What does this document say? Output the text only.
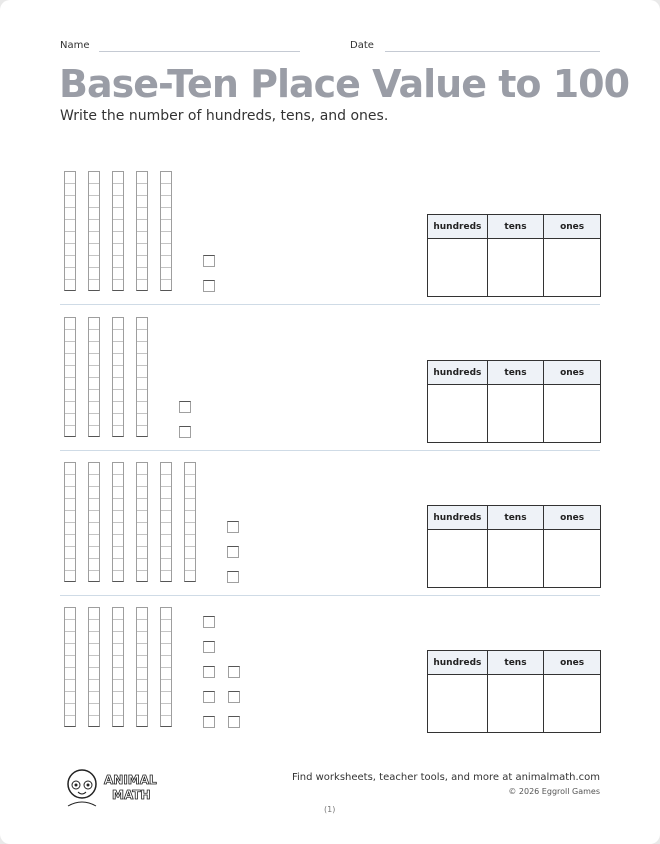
Name	Date
Base-Ten Place Value to 100
Write the number of hundreds, tens, and ones.
hundreds	tens	ones

hundreds	tens	ones

hundreds	tens	ones

hundreds	tens	ones

ANIMAL
MATH
Find worksheets, teacher tools, and more at animalmath.com
© 2026 Eggroll Games
(1)
